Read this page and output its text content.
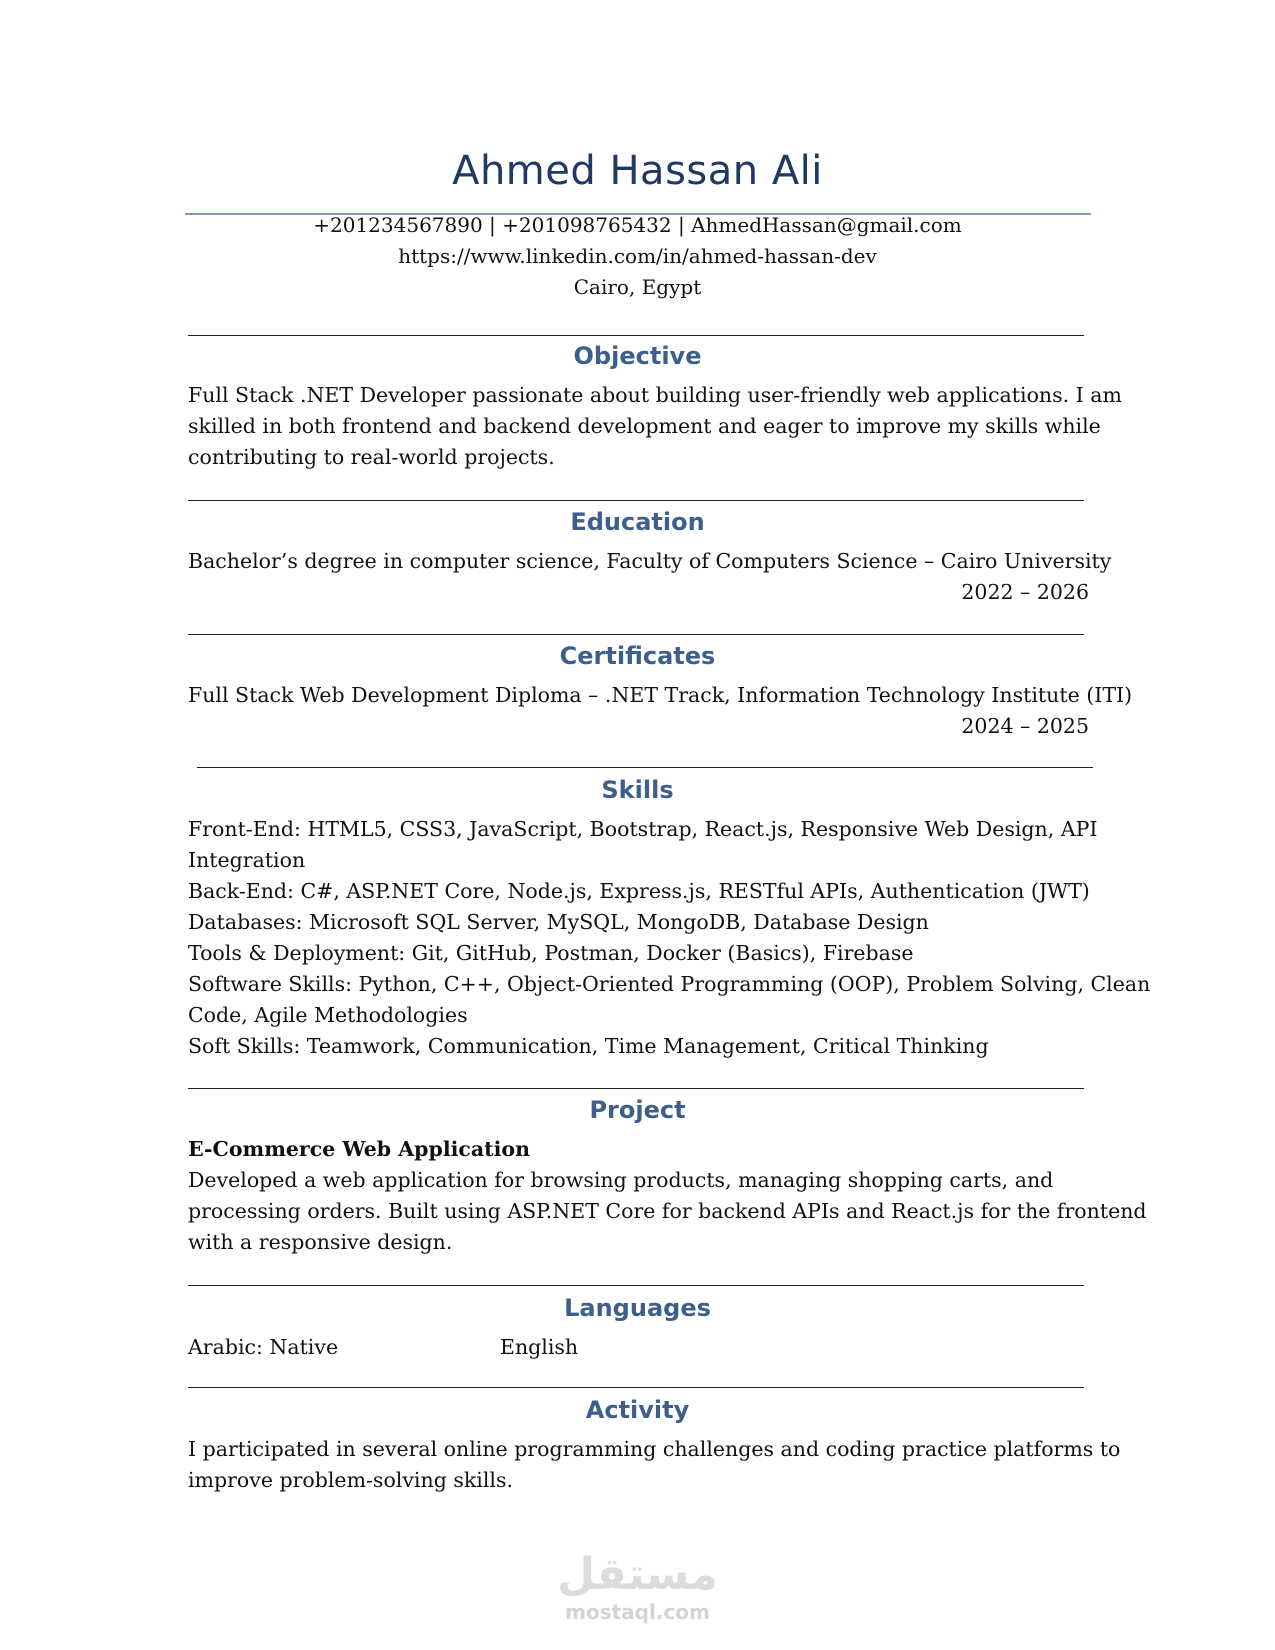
Ahmed Hassan Ali
+201234567890 | +201098765432 | AhmedHassan@gmail.com
https://www.linkedin.com/in/ahmed-hassan-dev
Cairo, Egypt
Objective
Full Stack .NET Developer passionate about building user-friendly web applications. I am
skilled in both frontend and backend development and eager to improve my skills while
contributing to real-world projects.
Education
Bachelor’s degree in computer science, Faculty of Computers Science – Cairo University
2022 – 2026
Certificates
Full Stack Web Development Diploma – .NET Track, Information Technology Institute (ITI)
2024 – 2025
Skills
Front-End: HTML5, CSS3, JavaScript, Bootstrap, React.js, Responsive Web Design, API
Integration
Back-End: C#, ASP.NET Core, Node.js, Express.js, RESTful APIs, Authentication (JWT)
Databases: Microsoft SQL Server, MySQL, MongoDB, Database Design
Tools & Deployment: Git, GitHub, Postman, Docker (Basics), Firebase
Software Skills: Python, C++, Object-Oriented Programming (OOP), Problem Solving, Clean
Code, Agile Methodologies
Soft Skills: Teamwork, Communication, Time Management, Critical Thinking
Project
E-Commerce Web Application
Developed a web application for browsing products, managing shopping carts, and
processing orders. Built using ASP.NET Core for backend APIs and React.js for the frontend
with a responsive design.
Languages
Arabic: Native	English
Activity
I participated in several online programming challenges and coding practice platforms to
improve problem-solving skills.
مستقل
mostaql.com
